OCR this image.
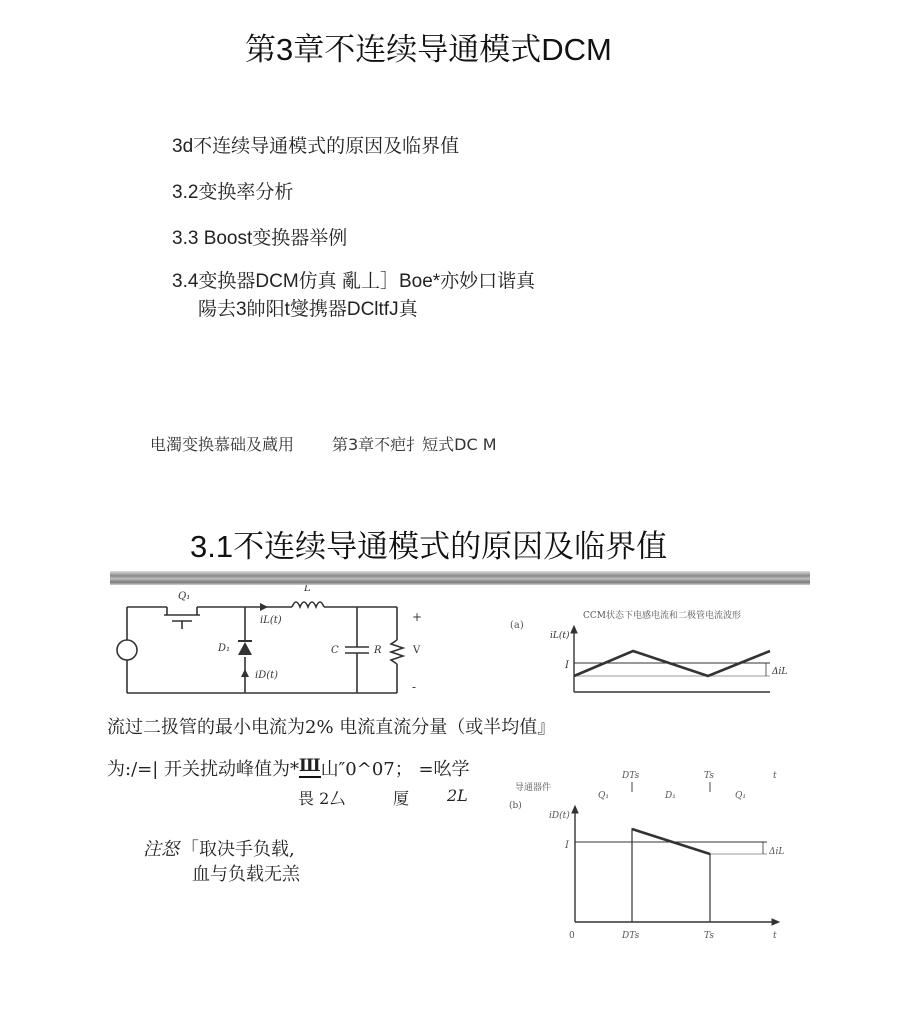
第3章不连续导通模式DCM
3d不连续导通模式的原因及临界值
3.2变换率分析
3.3 Boost变换器举例
3.4变换器DCM仿真 亂丄］Boe*亦妙口谐真
陽去3帥阳t燮携器DCltfJ真
电濁变换慕础及蔵用 第3章不疤扌短式DC M
3.1不连续导通模式的原因及临界值
Q₁
L
iL(t)
D₁
iD(t)
C	R
+
V
-
(a)
CCM状态下电感电流和二极管电流波形
iL(t)
I
ΔiL
流过二扱管的最小电流为2% 电流直流分量（或半均值』
为:/=| 开关扰动峰值为*Ш山″0^07； =吆学
畏 2厶	厦 2L
注怒 「取决手负载,
血与负载无羔
导通器件
t
DTs	Ts
Q₁	D₁	Q₁
(b)
iD(t)
I
ΔiL
0	DTs	Ts	t
